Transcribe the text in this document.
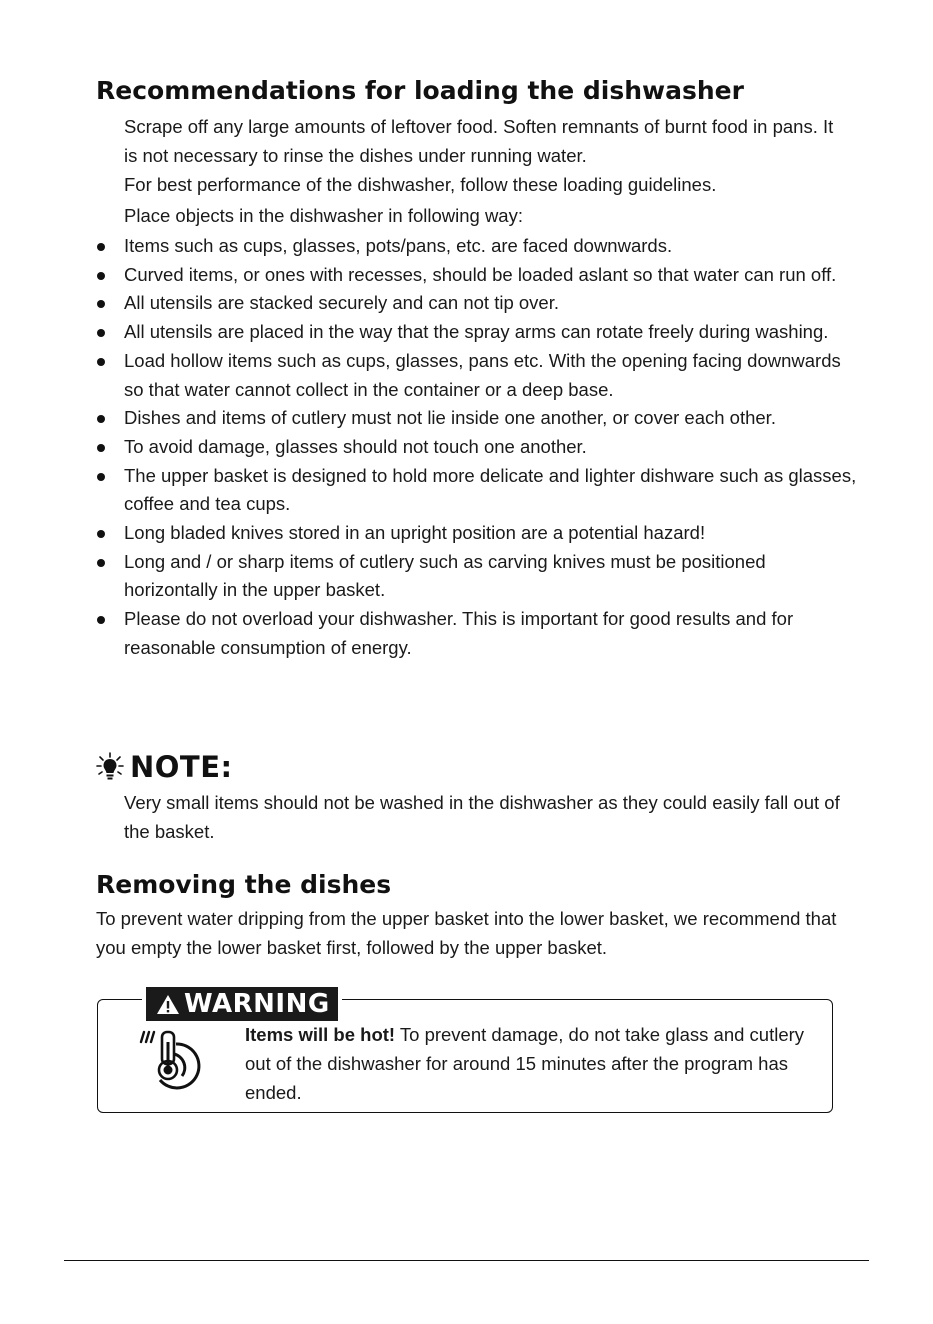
Recommendations for loading the dishwasher

Scrape off any large amounts of leftover food. Soften remnants of burnt food in pans. It is not necessary to rinse the dishes under running water.

For best performance of the dishwasher, follow these loading guidelines.

Place objects in the dishwasher in following way:

Items such as cups, glasses, pots/pans, etc. are faced downwards.
Curved items, or ones with recesses, should be loaded aslant so that water can run off.
All utensils are stacked securely and can not tip over.
All utensils are placed in the way that the spray arms can rotate freely during washing.
Load hollow items such as cups, glasses, pans etc. With the opening facing downwards so that water cannot collect in the container or a deep base.
Dishes and items of cutlery must not lie inside one another, or cover each other.
To avoid damage, glasses should not touch one another.
The upper basket is designed to hold more delicate and lighter dishware such as glasses, coffee and tea cups.
Long bladed knives stored in an upright position are a potential hazard!
Long and / or sharp items of cutlery such as carving knives must be positioned horizontally in the upper basket.
Please do not overload your dishwasher. This is important for good results and for reasonable consumption of energy.
NOTE:

Very small items should not be washed in the dishwasher as they could easily fall out of the basket.

Removing the dishes

To prevent water dripping from the upper basket into the lower basket, we recommend that you empty the lower basket first, followed by the upper basket.

WARNING

Items will be hot! To prevent damage, do not take glass and cutlery out of the dishwasher for around 15 minutes after the program has ended.
